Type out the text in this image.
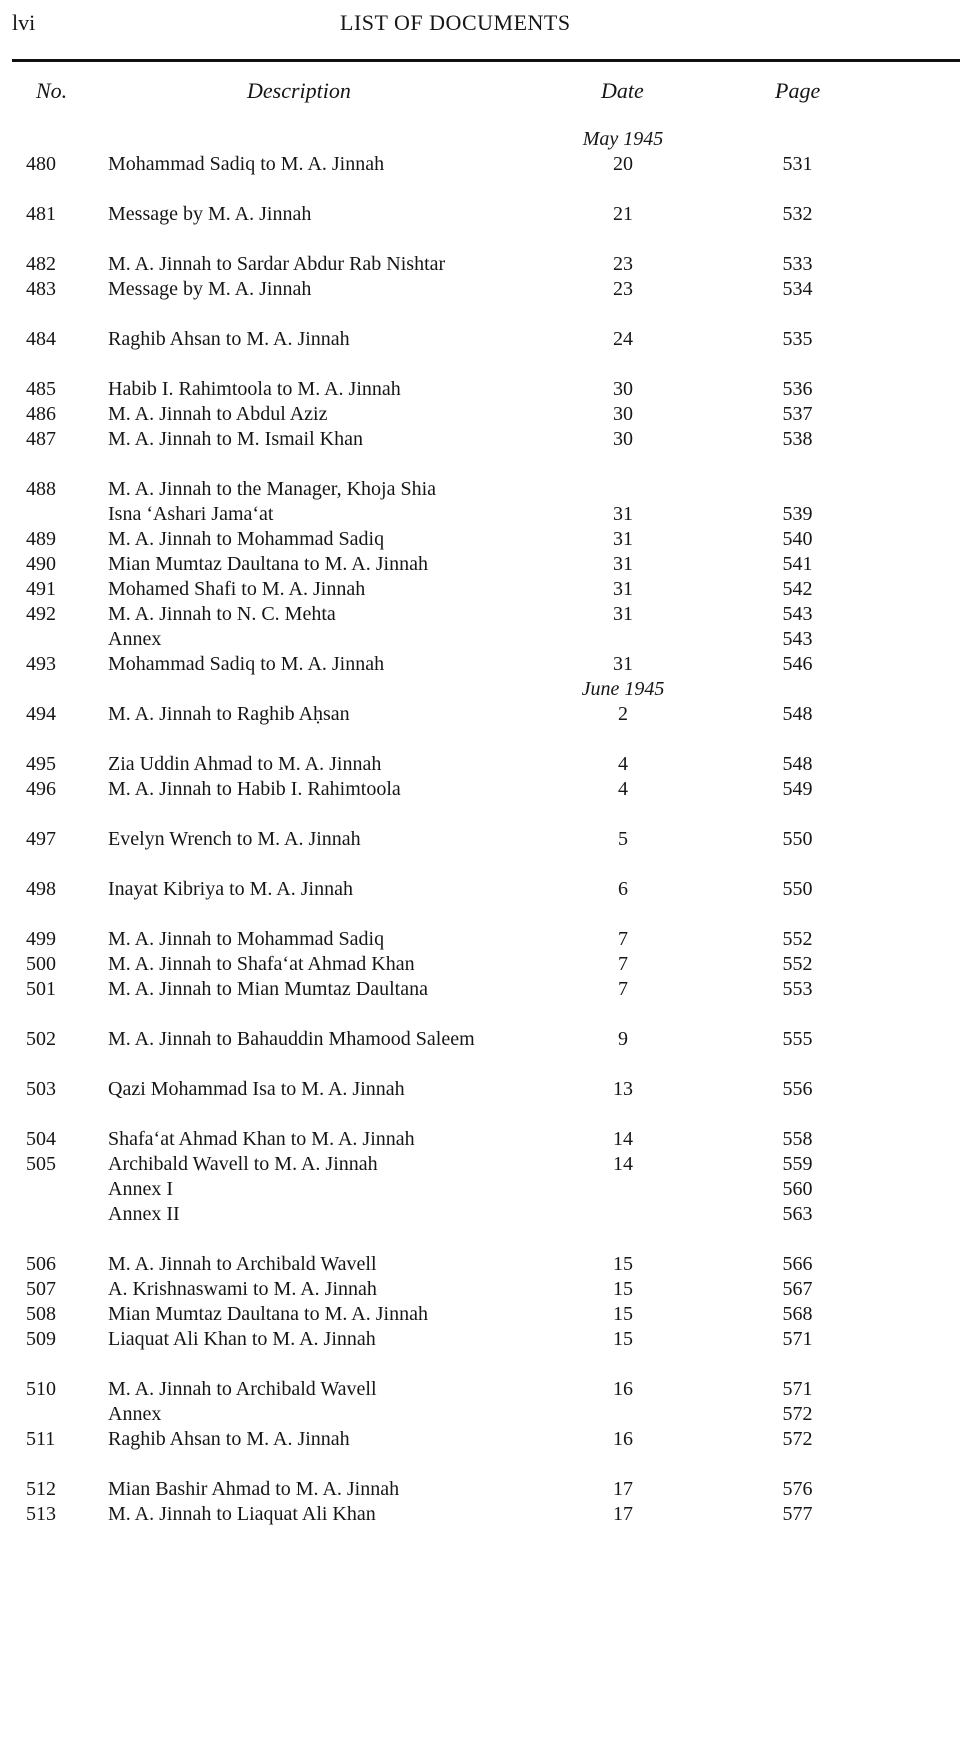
lvi	LIST OF DOCUMENTS
No.	Description	Date	Page
May 1945
480	Mohammad Sadiq to M. A. Jinnah	20	531
481	Message by M. A. Jinnah	21	532
482	M. A. Jinnah to Sardar Abdur Rab Nishtar	23	533
483	Message by M. A. Jinnah	23	534
484	Raghib Ahsan to M. A. Jinnah	24	535
485	Habib I. Rahimtoola to M. A. Jinnah	30	536
486	M. A. Jinnah to Abdul Aziz	30	537
487	M. A. Jinnah to M. Ismail Khan	30	538
488	M. A. Jinnah to the Manager, Khoja Shia
Isna ‘Ashari Jama‘at	31	539
489	M. A. Jinnah to Mohammad Sadiq	31	540
490	Mian Mumtaz Daultana to M. A. Jinnah	31	541
491	Mohamed Shafi to M. A. Jinnah	31	542
492	M. A. Jinnah to N. C. Mehta	31	543
Annex	543
493	Mohammad Sadiq to M. A. Jinnah	31	546
June 1945
494	M. A. Jinnah to Raghib Aḥsan	2	548
495	Zia Uddin Ahmad to M. A. Jinnah	4	548
496	M. A. Jinnah to Habib I. Rahimtoola	4	549
497	Evelyn Wrench to M. A. Jinnah	5	550
498	Inayat Kibriya to M. A. Jinnah	6	550
499	M. A. Jinnah to Mohammad Sadiq	7	552
500	M. A. Jinnah to Shafa‘at Ahmad Khan	7	552
501	M. A. Jinnah to Mian Mumtaz Daultana	7	553
502	M. A. Jinnah to Bahauddin Mhamood Saleem	9	555
503	Qazi Mohammad Isa to M. A. Jinnah	13	556
504	Shafa‘at Ahmad Khan to M. A. Jinnah	14	558
505	Archibald Wavell to M. A. Jinnah	14	559
Annex I	560
Annex II	563
506	M. A. Jinnah to Archibald Wavell	15	566
507	A. Krishnaswami to M. A. Jinnah	15	567
508	Mian Mumtaz Daultana to M. A. Jinnah	15	568
509	Liaquat Ali Khan to M. A. Jinnah	15	571
510	M. A. Jinnah to Archibald Wavell	16	571
Annex	572
511	Raghib Ahsan to M. A. Jinnah	16	572
512	Mian Bashir Ahmad to M. A. Jinnah	17	576
513	M. A. Jinnah to Liaquat Ali Khan	17	577
